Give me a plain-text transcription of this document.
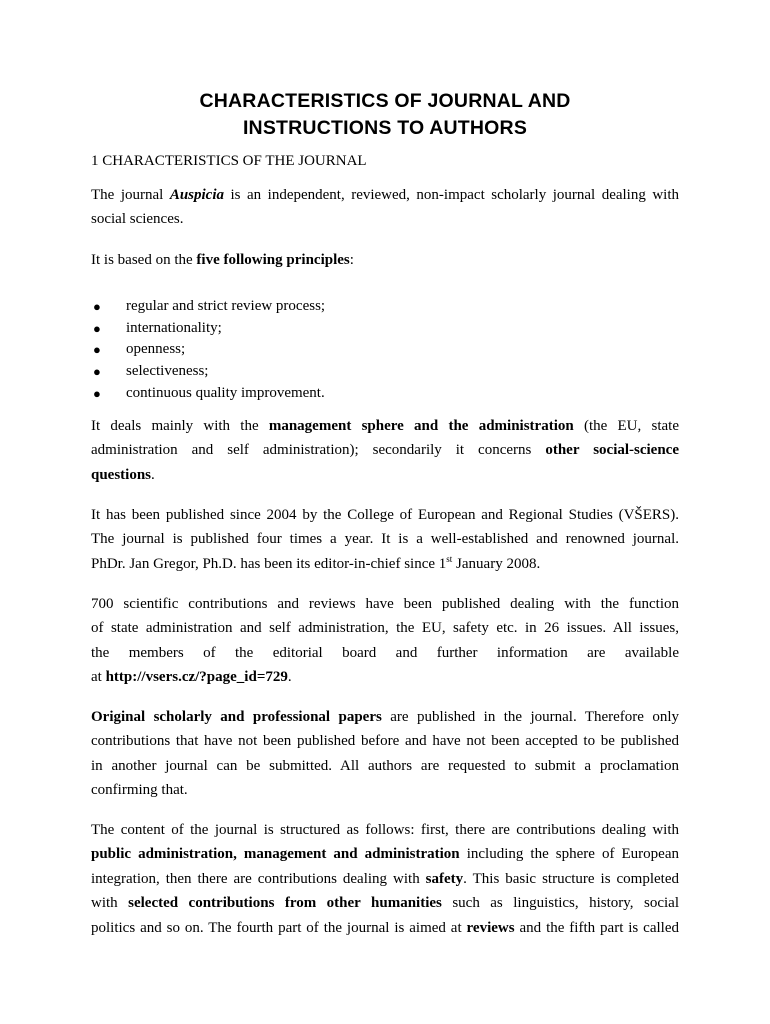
CHARACTERISTICS OF JOURNAL AND
INSTRUCTIONS TO AUTHORS
1 CHARACTERISTICS OF THE JOURNAL
The journal Auspicia is an independent, reviewed, non-impact scholarly journal dealing with
social sciences.
It is based on the five following principles:
● regular and strict review process;
● internationality;
● openness;
● selectiveness;
● continuous quality improvement.
It deals mainly with the management sphere and the administration (the EU, state
administration and self administration); secondarily it concerns other social-science
questions.
It has been published since 2004 by the College of European and Regional Studies (VŠERS).
The journal is published four times a year. It is a well-established and renowned journal.
PhDr. Jan Gregor, Ph.D. has been its editor-in-chief since 1st January 2008.
700 scientific contributions and reviews have been published dealing with the function
of state administration and self administration, the EU, safety etc. in 26 issues. All issues,
the members of the editorial board and further information are available
at http://vsers.cz/?page_id=729.
Original scholarly and professional papers are published in the journal. Therefore only
contributions that have not been published before and have not been accepted to be published
in another journal can be submitted. All authors are requested to submit a proclamation
confirming that.
The content of the journal is structured as follows: first, there are contributions dealing with
public administration, management and administration including the sphere of European
integration, then there are contributions dealing with safety. This basic structure is completed
with selected contributions from other humanities such as linguistics, history, social
politics and so on. The fourth part of the journal is aimed at reviews and the fifth part is called
